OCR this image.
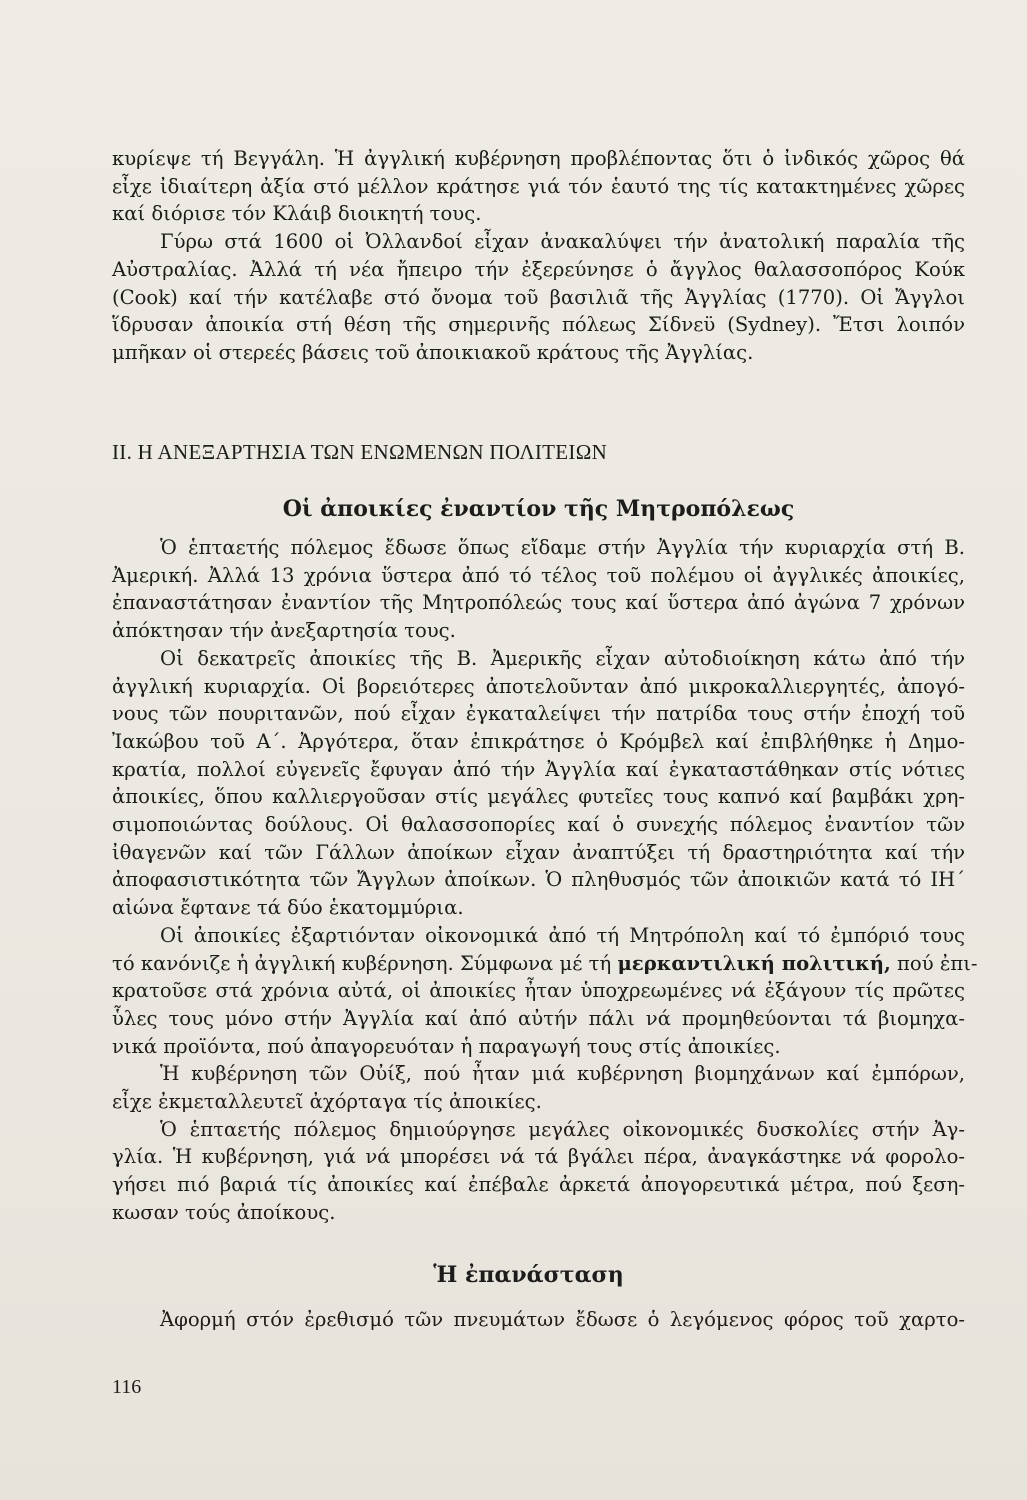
κυρίεψε τή Βεγγάλη. Ἡ ἀγγλική κυβέρνηση προβλέποντας ὅτι ὁ ἰνδικός χῶρος θά
εἶχε ἰδιαίτερη ἀξία στό μέλλον κράτησε γιά τόν ἑαυτό της τίς κατακτημένες χῶρες
καί διόρισε τόν Κλάιβ διοικητή τους.
Γύρω στά 1600 οἱ Ὀλλανδοί εἶχαν ἀνακαλύψει τήν ἀνατολική παραλία τῆς
Αὐστραλίας. Ἀλλά τή νέα ἤπειρο τήν ἐξερεύνησε ὁ ἄγγλος θαλασσοπόρος Κούκ
(Cook) καί τήν κατέλαβε στό ὄνομα τοῦ βασιλιᾶ τῆς Ἀγγλίας (1770). Οἱ Ἄγγλοι
ἵδρυσαν ἀποικία στή θέση τῆς σημερινῆς πόλεως Σίδνεϋ (Sydney). Ἔτσι λοιπόν
μπῆκαν οἱ στερεές βάσεις τοῦ ἀποικιακοῦ κράτους τῆς Ἀγγλίας.
ΙΙ. Η ΑΝΕΞΑΡΤΗΣΙΑ ΤΩΝ ΕΝΩΜΕΝΩΝ ΠΟΛΙΤΕΙΩΝ
Οἱ ἀποικίες ἐναντίον τῆς Μητροπόλεως
Ὁ ἑπταετής πόλεμος ἔδωσε ὅπως εἴδαμε στήν Ἀγγλία τήν κυριαρχία στή Β.
Ἀμερική. Ἀλλά 13 χρόνια ὕστερα ἀπό τό τέλος τοῦ πολέμου οἱ ἀγγλικές ἀποικίες,
ἐπαναστάτησαν ἐναντίον τῆς Μητροπόλεώς τους καί ὕστερα ἀπό ἀγώνα 7 χρόνων
ἀπόκτησαν τήν ἀνεξαρτησία τους.
Οἱ δεκατρεῖς ἀποικίες τῆς Β. Ἀμερικῆς εἶχαν αὐτοδιοίκηση κάτω ἀπό τήν
ἀγγλική κυριαρχία. Οἱ βορειότερες ἀποτελοῦνταν ἀπό μικροκαλλιεργητές, ἀπογό-
νους τῶν πουριτανῶν, πού εἶχαν ἐγκαταλείψει τήν πατρίδα τους στήν ἐποχή τοῦ
Ἰακώβου τοῦ Α΄. Ἀργότερα, ὅταν ἐπικράτησε ὁ Κρόμβελ καί ἐπιβλήθηκε ἡ Δημο-
κρατία, πολλοί εὐγενεῖς ἔφυγαν ἀπό τήν Ἀγγλία καί ἐγκαταστάθηκαν στίς νότιες
ἀποικίες, ὅπου καλλιεργοῦσαν στίς μεγάλες φυτεῖες τους καπνό καί βαμβάκι χρη-
σιμοποιώντας δούλους. Οἱ θαλασσοπορίες καί ὁ συνεχής πόλεμος ἐναντίον τῶν
ἰθαγενῶν καί τῶν Γάλλων ἀποίκων εἶχαν ἀναπτύξει τή δραστηριότητα καί τήν
ἀποφασιστικότητα τῶν Ἄγγλων ἀποίκων. Ὁ πληθυσμός τῶν ἀποικιῶν κατά τό ΙΗ΄
αἰώνα ἔφτανε τά δύο ἑκατομμύρια.
Οἱ ἀποικίες ἐξαρτιόνταν οἰκονομικά ἀπό τή Μητρόπολη καί τό ἐμπόριό τους
τό κανόνιζε ἡ ἀγγλική κυβέρνηση. Σύμφωνα μέ τή μερκαντιλική πολιτική, πού ἐπι-
κρατοῦσε στά χρόνια αὐτά, οἱ ἀποικίες ἦταν ὑποχρεωμένες νά ἐξάγουν τίς πρῶτες
ὗλες τους μόνο στήν Ἀγγλία καί ἀπό αὐτήν πάλι νά προμηθεύονται τά βιομηχα-
νικά προϊόντα, πού ἀπαγορευόταν ἡ παραγωγή τους στίς ἀποικίες.
Ἡ κυβέρνηση τῶν Οὐίξ, πού ἦταν μιά κυβέρνηση βιομηχάνων καί ἐμπόρων,
εἶχε ἐκμεταλλευτεῖ ἀχόρταγα τίς ἀποικίες.
Ὁ ἑπταετής πόλεμος δημιούργησε μεγάλες οἰκονομικές δυσκολίες στήν Ἀγ-
γλία. Ἡ κυβέρνηση, γιά νά μπορέσει νά τά βγάλει πέρα, ἀναγκάστηκε νά φορολο-
γήσει πιό βαριά τίς ἀποικίες καί ἐπέβαλε ἀρκετά ἀπογορευτικά μέτρα, πού ξεση-
κωσαν τούς ἀποίκους.
Ἡ ἐπανάσταση
Ἀφορμή στόν ἐρεθισμό τῶν πνευμάτων ἔδωσε ὁ λεγόμενος φόρος τοῦ χαρτο-
116
